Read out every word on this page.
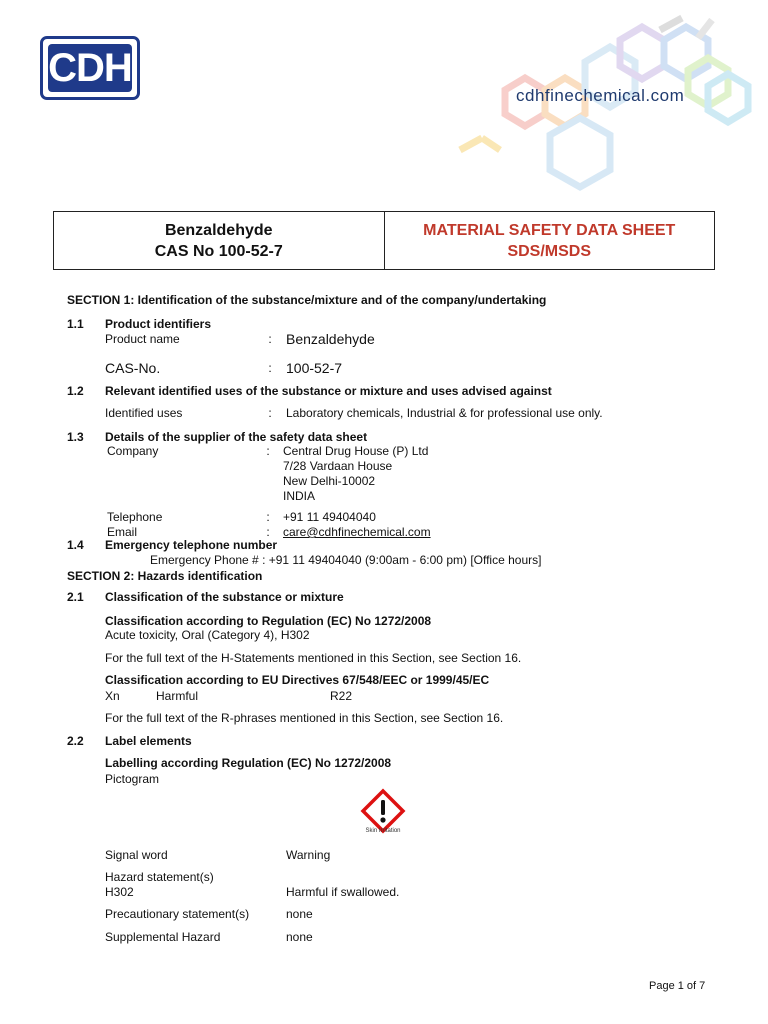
CDH
cdhfinechemical.com
Benzaldehyde
CAS No 100-52-7
MATERIAL SAFETY DATA SHEET
SDS/MSDS
SECTION 1: Identification of the substance/mixture and of the company/undertaking
1.1 Product identifiers
Product name	: Benzaldehyde
CAS-No.	: 100-52-7
1.2 Relevant identified uses of the substance or mixture and uses advised against
Identified uses	: Laboratory chemicals, Industrial & for professional use only.
1.3 Details of the supplier of the safety data sheet
Company	: Central Drug House (P) Ltd
7/28 Vardaan House
New Delhi-10002
INDIA
Telephone	: +91 11 49404040
Email	: care@cdhfinechemical.com
1.4 Emergency telephone number
Emergency Phone # : +91 11 49404040 (9:00am - 6:00 pm) [Office hours]
SECTION 2: Hazards identification
2.1 Classification of the substance or mixture
Classification according to Regulation (EC) No 1272/2008
Acute toxicity, Oral (Category 4), H302
For the full text of the H-Statements mentioned in this Section, see Section 16.
Classification according to EU Directives 67/548/EEC or 1999/45/EC
Xn	Harmful	R22
For the full text of the R-phrases mentioned in this Section, see Section 16.
2.2 Label elements
Labelling according Regulation (EC) No 1272/2008
Pictogram
Skin Irritation
Signal word	Warning
Hazard statement(s)
H302	Harmful if swallowed.
Precautionary statement(s)	none
Supplemental Hazard	none
Page 1 of 7
